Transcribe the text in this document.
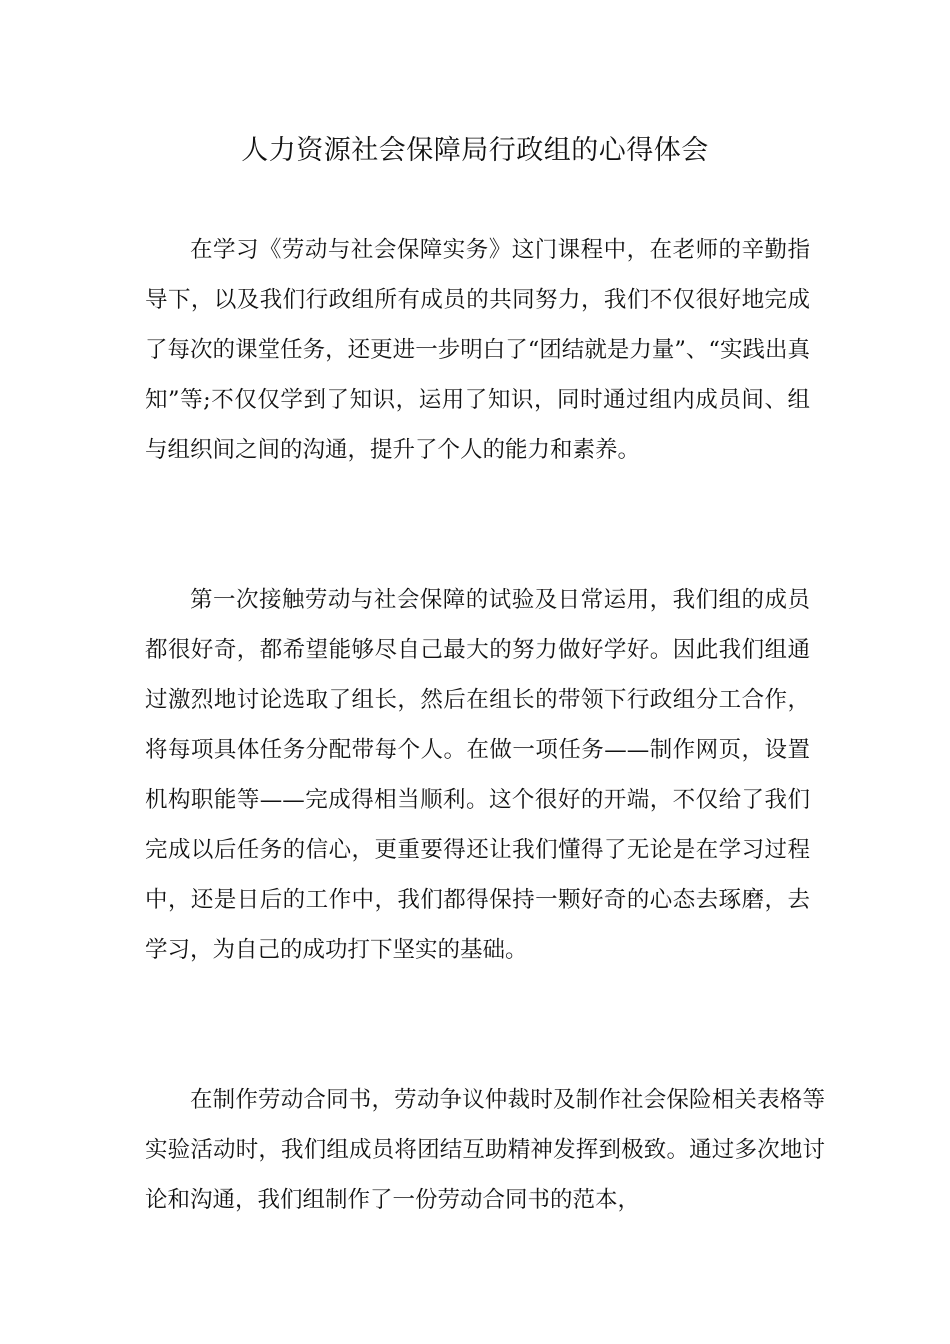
人力资源社会保障局行政组的心得体会

在学习《劳动与社会保障实务》这门课程中，在老师的辛勤指导下，以及我们行政组所有成员的共同努力，我们不仅很好地完成了每次的课堂任务，还更进一步明白了“团结就是力量”、“实践出真知”等;不仅仅学到了知识，运用了知识，同时通过组内成员间、组与组织间之间的沟通，提升了个人的能力和素养。

第一次接触劳动与社会保障的试验及日常运用，我们组的成员都很好奇，都希望能够尽自己最大的努力做好学好。因此我们组通过激烈地讨论选取了组长，然后在组长的带领下行政组分工合作，将每项具体任务分配带每个人。在做一项任务——制作网页，设置机构职能等——完成得相当顺利。这个很好的开端，不仅给了我们完成以后任务的信心，更重要得还让我们懂得了无论是在学习过程中，还是日后的工作中，我们都得保持一颗好奇的心态去琢磨，去学习，为自己的成功打下坚实的基础。

在制作劳动合同书，劳动争议仲裁时及制作社会保险相关表格等实验活动时，我们组成员将团结互助精神发挥到极致。通过多次地讨论和沟通，我们组制作了一份劳动合同书的范本，
